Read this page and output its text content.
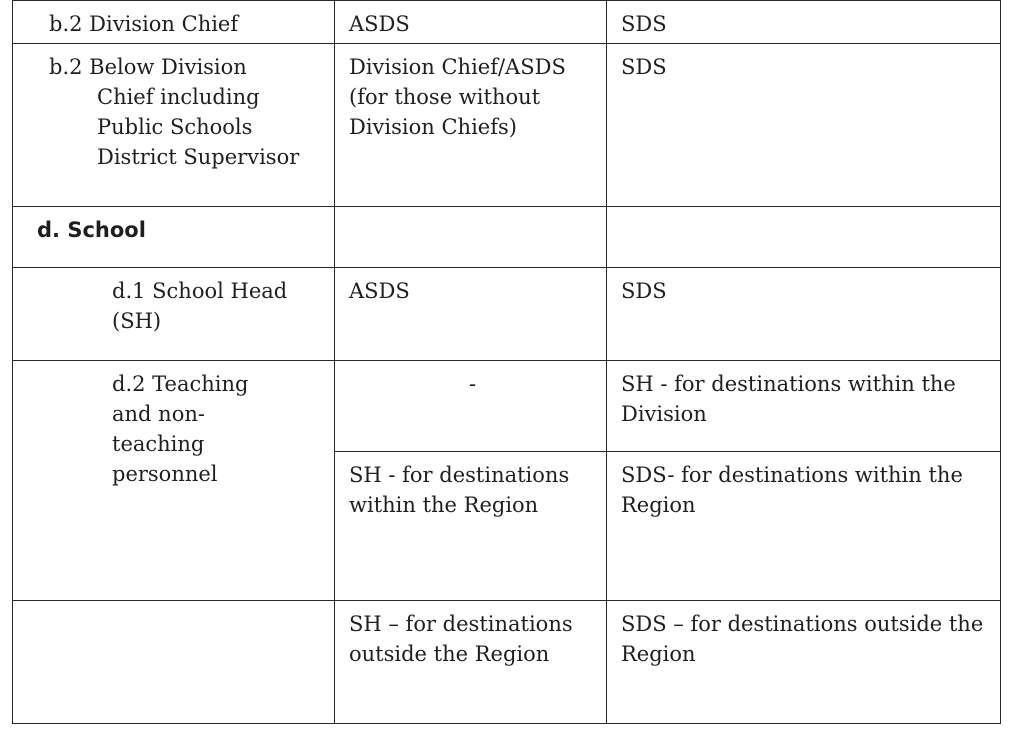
b.2 Division Chief	ASDS	SDS

b.2 Below Division
Chief including Public Schools District Supervisor	Division Chief/ASDS (for those without Division Chiefs)	SDS
d. School		

d.1 School Head (SH)	ASDS	SDS

d.2 Teaching and non-teaching personnel	-	SH - for destinations within the Division
	SH - for destinations within the Region	SDS- for destinations within the Region
	SH – for destinations outside the Region	SDS – for destinations outside the Region
